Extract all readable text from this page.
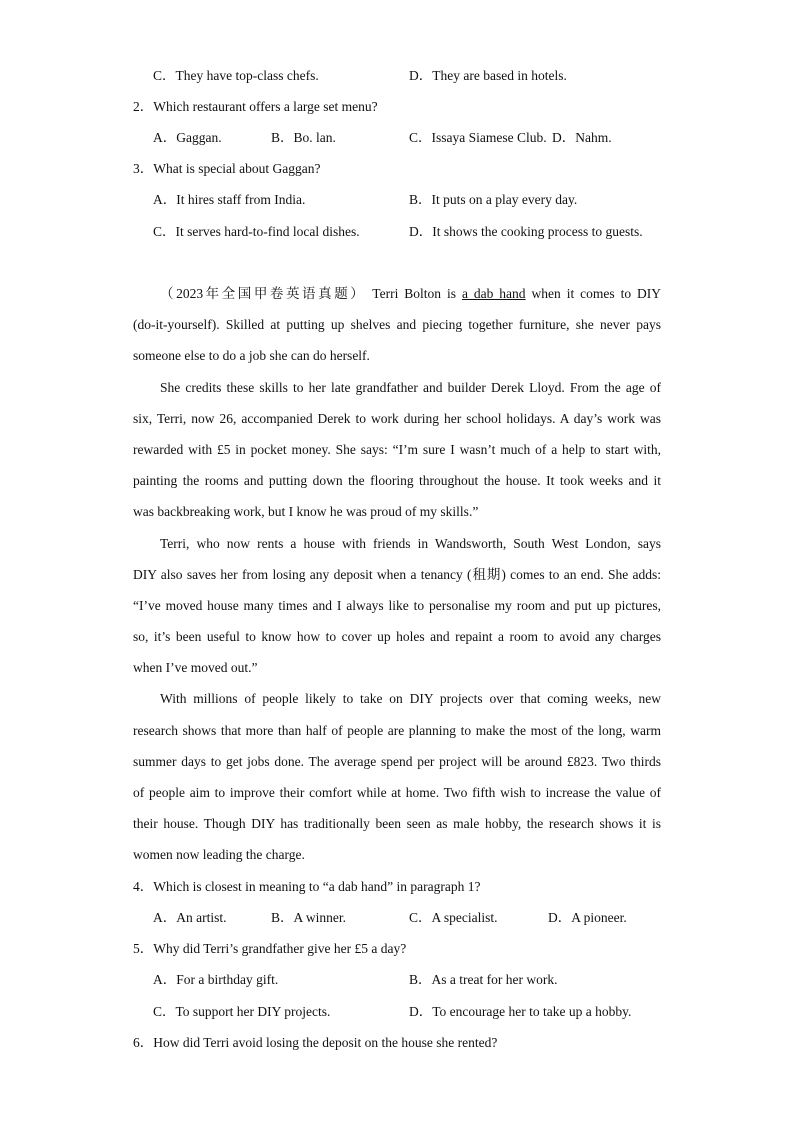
C．They have top-class chefs.	D．They are based in hotels.
2．Which restaurant offers a large set menu?
A．Gaggan.	B．Bo. lan.	C．Issaya Siamese Club. D．Nahm.
3．What is special about Gaggan?
A．It hires staff from India.	B．It puts on a play every day.
C．It serves hard-to-find local dishes.	D．It shows the cooking process to guests.
（2023年全国甲卷英语真题） Terri Bolton is a dab hand when it comes to DIY
(do-it-yourself). Skilled at putting up shelves and piecing together furniture, she never pays
someone else to do a job she can do herself.
She credits these skills to her late grandfather and builder Derek Lloyd. From the age of
six, Terri, now 26, accompanied Derek to work during her school holidays. A day’s work was
rewarded with £5 in pocket money. She says: “I’m sure I wasn’t much of a help to start with,
painting the rooms and putting down the flooring throughout the house. It took weeks and it
was backbreaking work, but I know he was proud of my skills.”
Terri, who now rents a house with friends in Wandsworth, South West London, says
DIY also saves her from losing any deposit when a tenancy (租期) comes to an end. She adds:
“I’ve moved house many times and I always like to personalise my room and put up pictures,
so, it’s been useful to know how to cover up holes and repaint a room to avoid any charges
when I’ve moved out.”
With millions of people likely to take on DIY projects over that coming weeks, new
research shows that more than half of people are planning to make the most of the long, warm
summer days to get jobs done. The average spend per project will be around £823. Two thirds
of people aim to improve their comfort while at home. Two fifth wish to increase the value of
their house. Though DIY has traditionally been seen as male hobby, the research shows it is
women now leading the charge.
4．Which is closest in meaning to “a dab hand” in paragraph 1?
A．An artist.	B．A winner.	C．A specialist.	D．A pioneer.
5．Why did Terri’s grandfather give her £5 a day?
A．For a birthday gift.	B．As a treat for her work.
C．To support her DIY projects.	D．To encourage her to take up a hobby.
6．How did Terri avoid losing the deposit on the house she rented?
